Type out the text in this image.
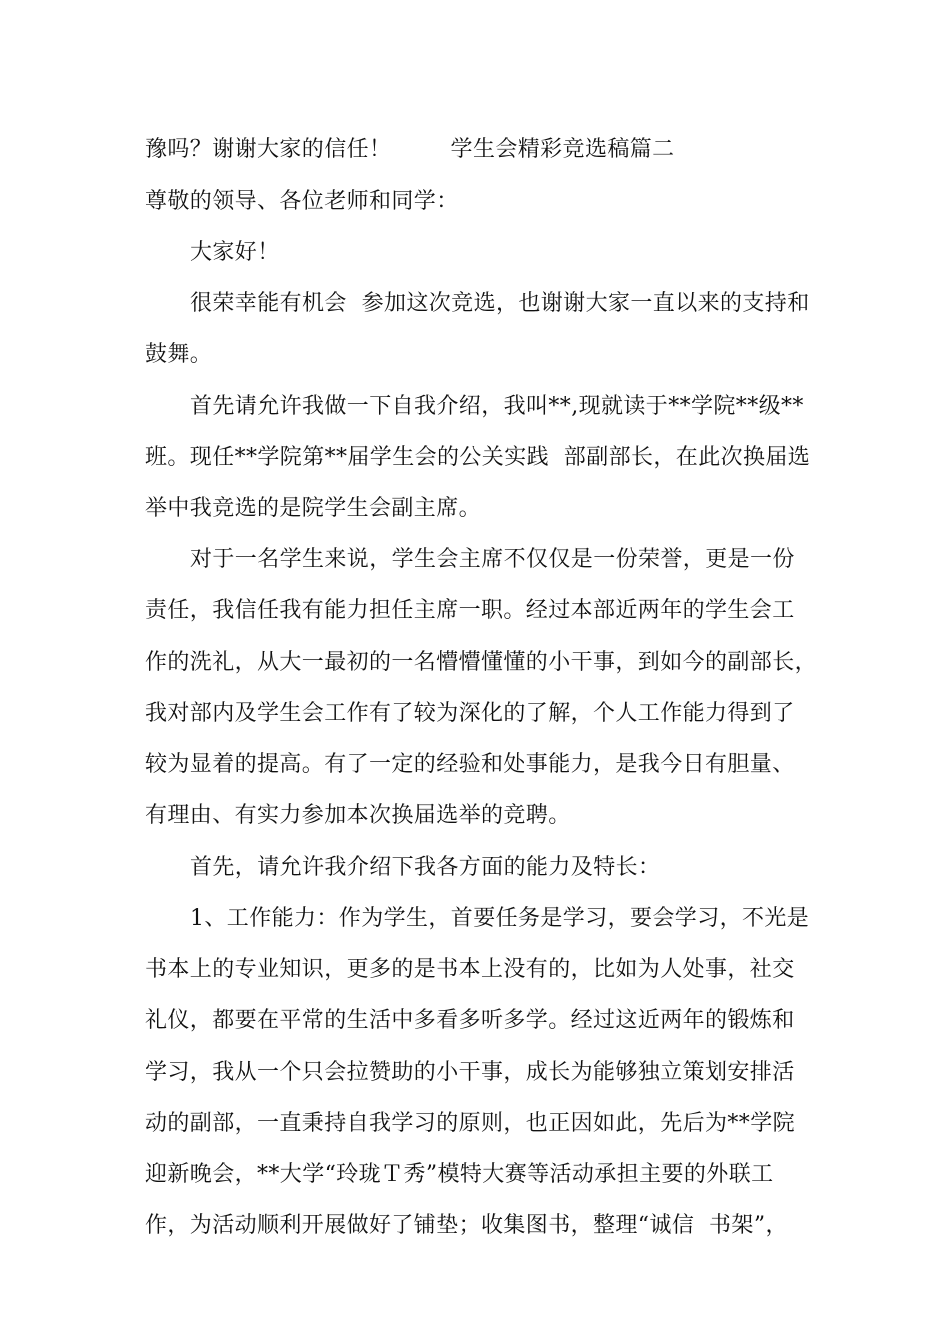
豫吗？谢谢大家的信任！        学生会精彩竞选稿篇二
尊敬的领导、各位老师和同学：
大家好！
很荣幸能有机会  参加这次竞选，也谢谢大家一直以来的支持和
鼓舞。
首先请允许我做一下自我介绍，我叫**,现就读于**学院**级**
班。现任**学院第**届学生会的公关实践  部副部长，在此次换届选
举中我竞选的是院学生会副主席。
对于一名学生来说，学生会主席不仅仅是一份荣誉，更是一份
责任，我信任我有能力担任主席一职。经过本部近两年的学生会工
作的洗礼，从大一最初的一名懵懵懂懂的小干事，到如今的副部长，
我对部内及学生会工作有了较为深化的了解，个人工作能力得到了
较为显着的提高。有了一定的经验和处事能力，是我今日有胆量、
有理由、有实力参加本次换届选举的竞聘。
首先，请允许我介绍下我各方面的能力及特长：
1、工作能力：作为学生，首要任务是学习，要会学习，不光是
书本上的专业知识，更多的是书本上没有的，比如为人处事，社交
礼仪，都要在平常的生活中多看多听多学。经过这近两年的锻炼和
学习，我从一个只会拉赞助的小干事，成长为能够独立策划安排活
动的副部，一直秉持自我学习的原则，也正因如此，先后为**学院
迎新晚会，**大学“玲珑Ｔ秀”模特大赛等活动承担主要的外联工
作，为活动顺利开展做好了铺垫；收集图书，整理“诚信  书架”，
